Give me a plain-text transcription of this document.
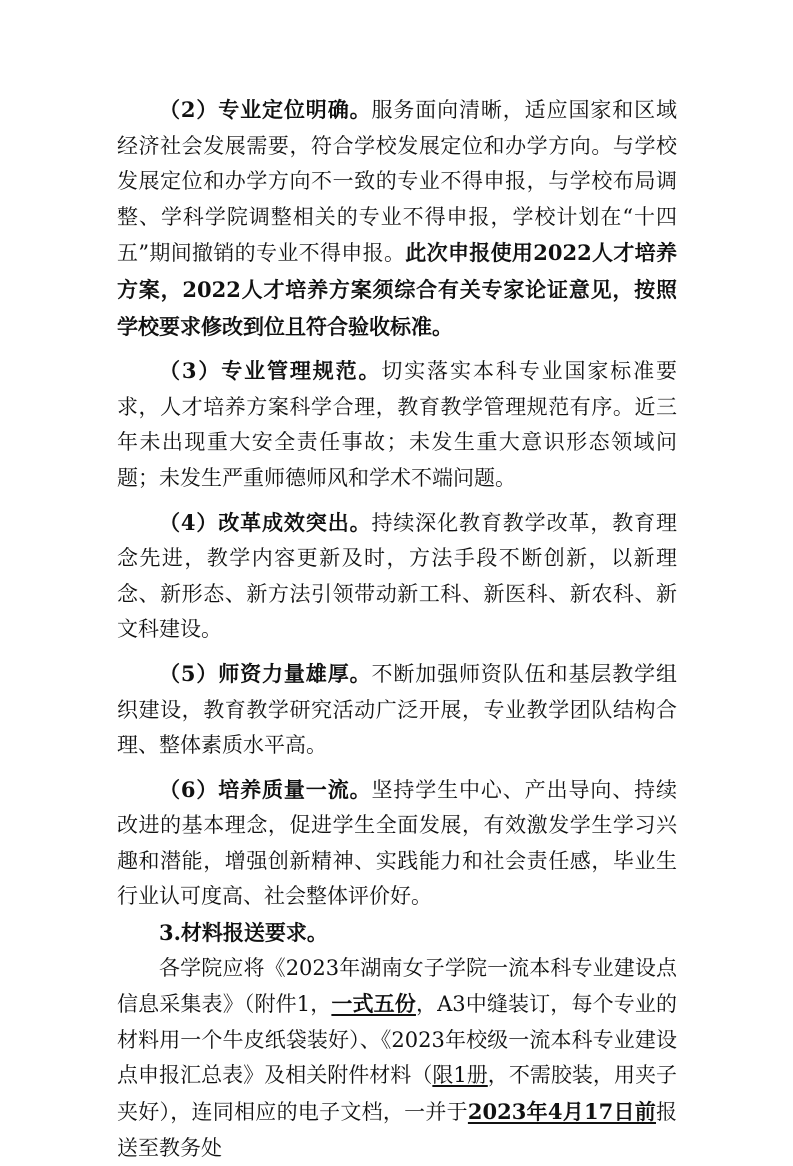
（2）专业定位明确。服务面向清晰，适应国家和区域经济社会发展需要，符合学校发展定位和办学方向。与学校发展定位和办学方向不一致的专业不得申报，与学校布局调整、学科学院调整相关的专业不得申报，学校计划在“十四五”期间撤销的专业不得申报。此次申报使用2022人才培养方案，2022人才培养方案须综合有关专家论证意见，按照学校要求修改到位且符合验收标准。

（3）专业管理规范。切实落实本科专业国家标准要求，人才培养方案科学合理，教育教学管理规范有序。近三年未出现重大安全责任事故；未发生重大意识形态领域问题；未发生严重师德师风和学术不端问题。

（4）改革成效突出。持续深化教育教学改革，教育理念先进，教学内容更新及时，方法手段不断创新，以新理念、新形态、新方法引领带动新工科、新医科、新农科、新文科建设。

（5）师资力量雄厚。不断加强师资队伍和基层教学组织建设，教育教学研究活动广泛开展，专业教学团队结构合理、整体素质水平高。

（6）培养质量一流。坚持学生中心、产出导向、持续改进的基本理念，促进学生全面发展，有效激发学生学习兴趣和潜能，增强创新精神、实践能力和社会责任感，毕业生行业认可度高、社会整体评价好。

3.材料报送要求。

各学院应将《2023年湖南女子学院一流本科专业建设点信息采集表》（附件1，一式五份，A3中缝装订，每个专业的材料用一个牛皮纸袋装好）、《2023年校级一流本科专业建设点申报汇总表》及相关附件材料（限1册，不需胶装，用夹子夹好），连同相应的电子文档，一并于2023年4月17日前报送至教务处
